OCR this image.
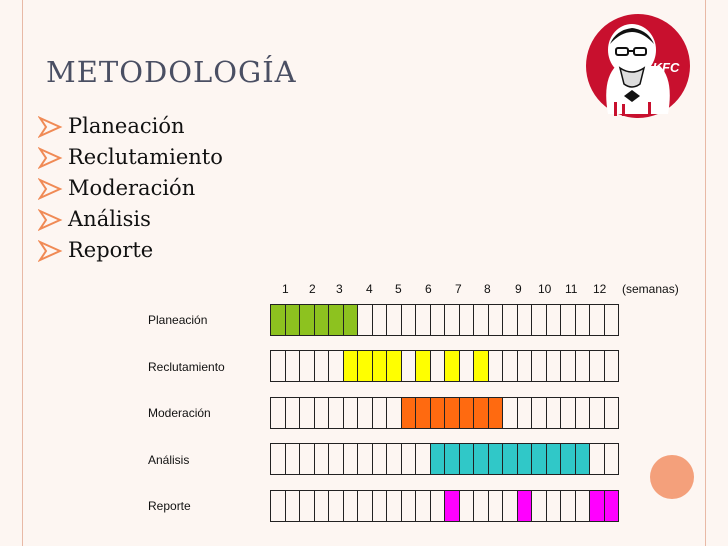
METODOLOGÍA
Planeación
Reclutamiento
Moderación
Análisis
Reporte
KFC
1 2 3 4 5 6 7 8 9 10 11 12 (semanas)
Planeación
Reclutamiento
Moderación
Análisis
Reporte
